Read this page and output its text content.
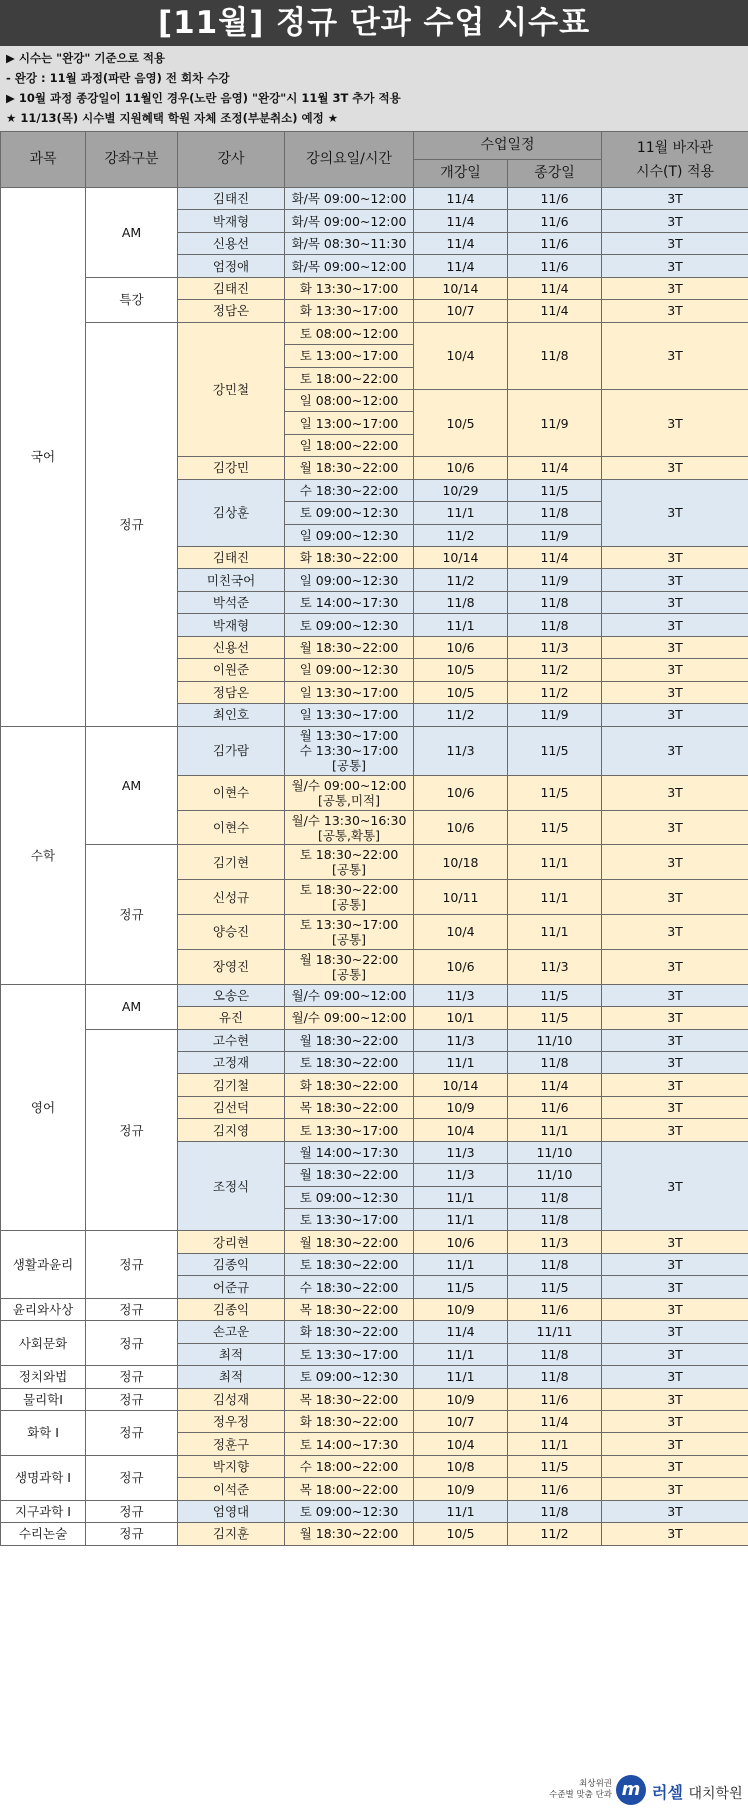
[11월] 정규 단과 수업 시수표
▶ 시수는 "완강" 기준으로 적용
- 완강 : 11월 과정(파란 음영) 전 회차 수강
▶ 10월 과정 종강일이 11월인 경우(노란 음영) "완강"시 11월 3T 추가 적용
★ 11/13(목) 시수별 지원혜택 학원 자체 조정(부분취소) 예정 ★
과목	강좌구분	강사	강의요일/시간	수업일정		11월 바자관
시수(T) 적용
				개강일	종강일	
국어	AM	김태진	화/목 09:00~12:00	11/4	11/6	3T
		박재형	화/목 09:00~12:00	11/4	11/6	3T
		신용선	화/목 08:30~11:30	11/4	11/6	3T
		엄정애	화/목 09:00~12:00	11/4	11/6	3T
	특강	김태진	화 13:30~17:00	10/14	11/4	3T
		정담온	화 13:30~17:00	10/7	11/4	3T
	정규	강민철	토 08:00~12:00	10/4	11/8	3T
			토 13:00~17:00			
			토 18:00~22:00			
			일 08:00~12:00	10/5	11/9	3T
			일 13:00~17:00			
			일 18:00~22:00			
		김강민	월 18:30~22:00	10/6	11/4	3T
		김상훈	수 18:30~22:00	10/29	11/5	3T
			토 09:00~12:30	11/1	11/8	
			일 09:00~12:30	11/2	11/9	
		김태진	화 18:30~22:00	10/14	11/4	3T
		미친국어	일 09:00~12:30	11/2	11/9	3T
		박석준	토 14:00~17:30	11/8	11/8	3T
		박재형	토 09:00~12:30	11/1	11/8	3T
		신용선	월 18:30~22:00	10/6	11/3	3T
		이원준	일 09:00~12:30	10/5	11/2	3T
		정담온	일 13:30~17:00	10/5	11/2	3T
		최인호	일 13:30~17:00	11/2	11/9	3T
수학	AM	김가람	월 13:30~17:00
수 13:30~17:00
[공통]	11/3	11/5	3T
		이현수	월/수 09:00~12:00
[공통,미적]	10/6	11/5	3T
		이현수	월/수 13:30~16:30
[공통,확통]	10/6	11/5	3T
	정규	김기현	토 18:30~22:00
[공통]	10/18	11/1	3T
		신성규	토 18:30~22:00
[공통]	10/11	11/1	3T
		양승진	토 13:30~17:00
[공통]	10/4	11/1	3T
		장영진	월 18:30~22:00
[공통]	10/6	11/3	3T
영어	AM	오송은	월/수 09:00~12:00	11/3	11/5	3T
		유진	월/수 09:00~12:00	10/1	11/5	3T
	정규	고수현	월 18:30~22:00	11/3	11/10	3T
		고정재	토 18:30~22:00	11/1	11/8	3T
		김기철	화 18:30~22:00	10/14	11/4	3T
		김선덕	목 18:30~22:00	10/9	11/6	3T
		김지영	토 13:30~17:00	10/4	11/1	3T
		조정식	월 14:00~17:30	11/3	11/10	3T
			월 18:30~22:00	11/3	11/10	
			토 09:00~12:30	11/1	11/8	
			토 13:30~17:00	11/1	11/8	
생활과윤리	정규	강리현	월 18:30~22:00	10/6	11/3	3T
		김종익	토 18:30~22:00	11/1	11/8	3T
		어준규	수 18:30~22:00	11/5	11/5	3T
윤리와사상	정규	김종익	목 18:30~22:00	10/9	11/6	3T
사회문화	정규	손고운	화 18:30~22:00	11/4	11/11	3T
		최적	토 13:30~17:00	11/1	11/8	3T
정치와법	정규	최적	토 09:00~12:30	11/1	11/8	3T
물리학Ⅰ	정규	김성재	목 18:30~22:00	10/9	11/6	3T
화학 Ⅰ	정규	정우정	화 18:30~22:00	10/7	11/4	3T
		정훈구	토 14:00~17:30	10/4	11/1	3T
생명과학 Ⅰ	정규	박지향	수 18:00~22:00	10/8	11/5	3T
		이석준	목 18:00~22:00	10/9	11/6	3T
지구과학 Ⅰ	정규	엄영대	토 09:00~12:30	11/1	11/8	3T
수리논술	정규	김지훈	월 18:30~22:00	10/5	11/2	3T
최상위권
수준별 맞춤 단과 m 러셀 대치학원
